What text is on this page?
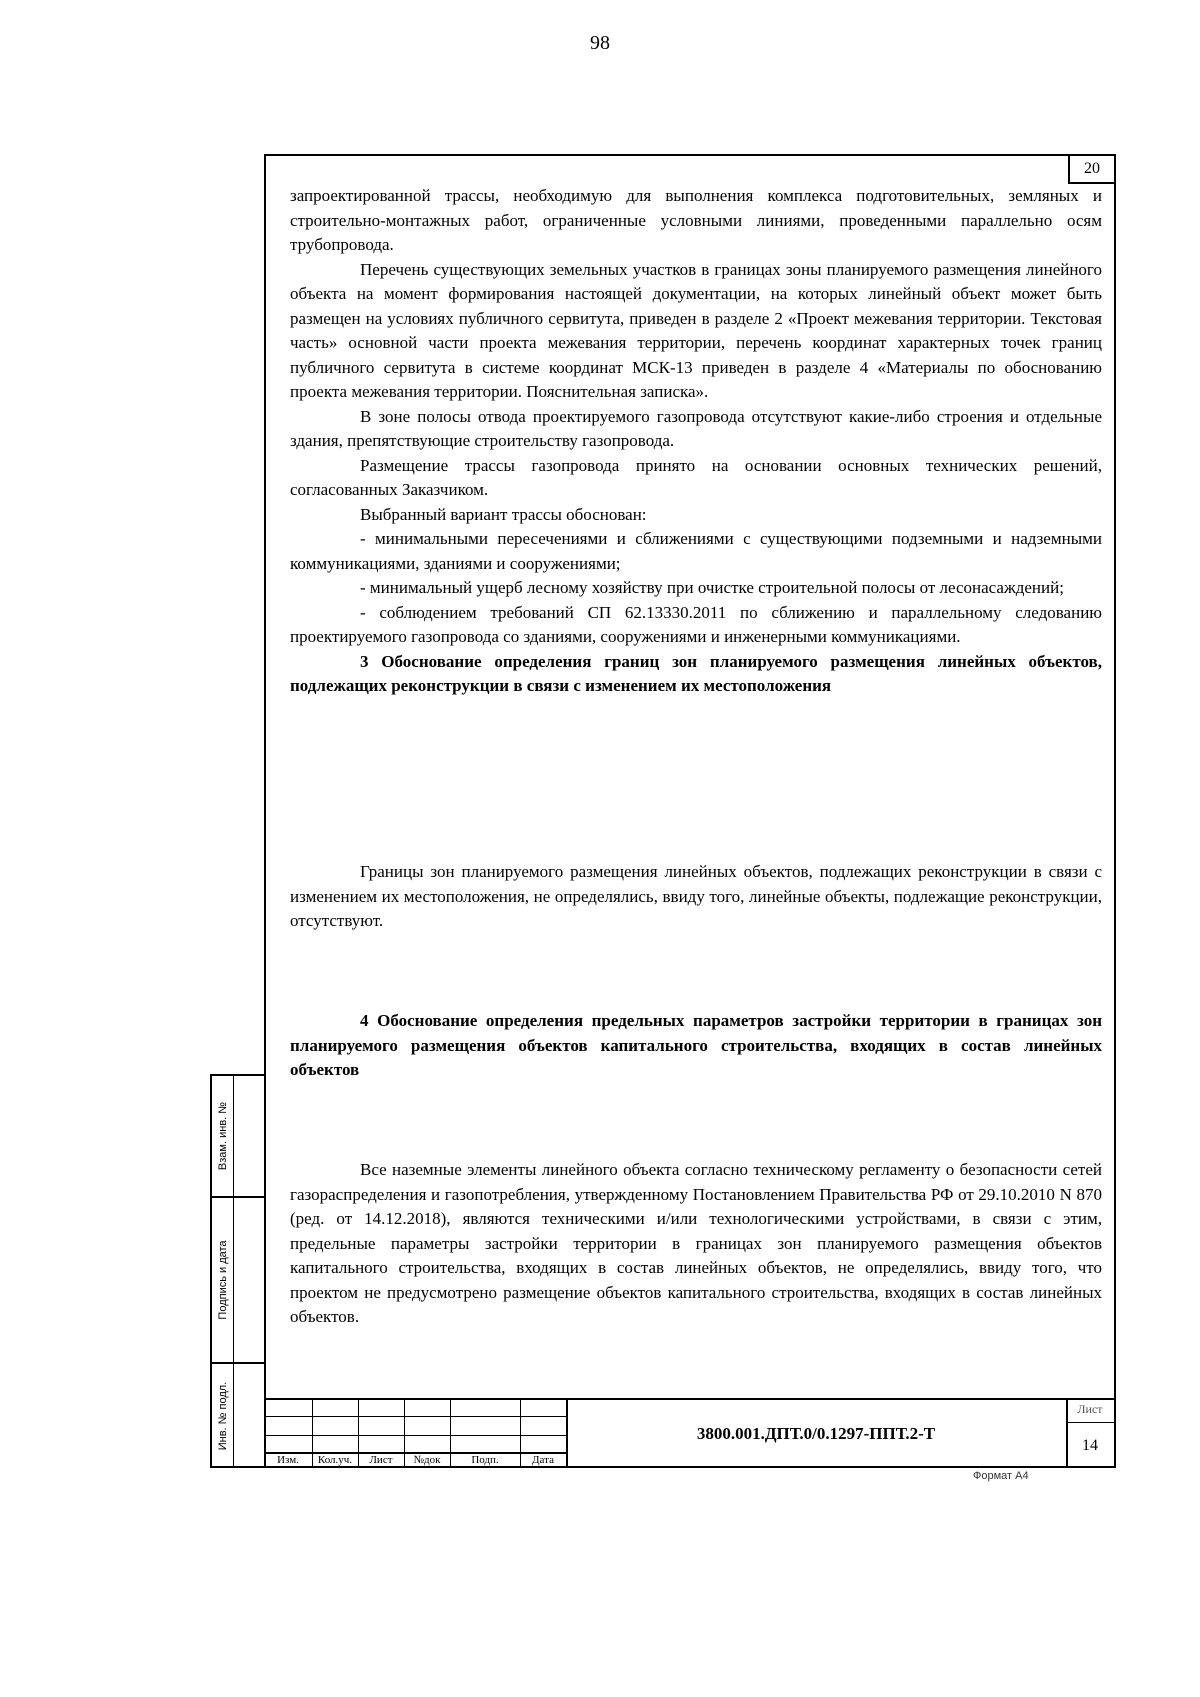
98
20

запроектированной трассы, необходимую для выполнения комплекса подготовительных, земляных и строительно-монтажных работ, ограниченные условными линиями, проведенными параллельно осям трубопровода.

Перечень существующих земельных участков в границах зоны планируемого размещения линейного объекта на момент формирования настоящей документации, на которых линейный объект может быть размещен на условиях публичного сервитута, приведен в разделе 2 «Проект межевания территории. Текстовая часть» основной части проекта межевания территории, перечень координат характерных точек границ публичного сервитута в системе координат МСК-13 приведен в разделе 4 «Материалы по обоснованию проекта межевания территории. Пояснительная записка».

В зоне полосы отвода проектируемого газопровода отсутствуют какие-либо строения и отдельные здания, препятствующие строительству газопровода.

Размещение трассы газопровода принято на основании основных технических решений, согласованных Заказчиком.

Выбранный вариант трассы обоснован:

- минимальными пересечениями и сближениями с существующими подземными и надземными коммуникациями, зданиями и сооружениями;

- минимальный ущерб лесному хозяйству при очистке строительной полосы от лесонасаждений;

- соблюдением требований СП 62.13330.2011 по сближению и параллельному следованию проектируемого газопровода со зданиями, сооружениями и инженерными коммуникациями.

3 Обоснование определения границ зон планируемого размещения линейных объектов, подлежащих реконструкции в связи с изменением их местоположения

Границы зон планируемого размещения линейных объектов, подлежащих реконструкции в связи с изменением их местоположения, не определялись, ввиду того, линейные объекты, подлежащие реконструкции, отсутствуют.

4 Обоснование определения предельных параметров застройки территории в границах зон планируемого размещения объектов капитального строительства, входящих в состав линейных объектов

Все наземные элементы линейного объекта согласно техническому регламенту о безопасности сетей газораспределения и газопотребления, утвержденному Постановлением Правительства РФ от 29.10.2010 N 870 (ред. от 14.12.2018), являются техническими и/или технологическими устройствами, в связи с этим, предельные параметры застройки территории в границах зон планируемого размещения объектов капитального строительства, входящих в состав линейных объектов, не определялись, ввиду того, что проектом не предусмотрено размещение объектов капитального строительства, входящих в состав линейных объектов.

Взам. инв. №
Подпись и дата
Инв. № подл.
Изм.	Кол.уч.	Лист	№док	Подп.	Дата
3800.001.ДПТ.0/0.1297-ППТ.2-Т
Лист
14
Формат А4
